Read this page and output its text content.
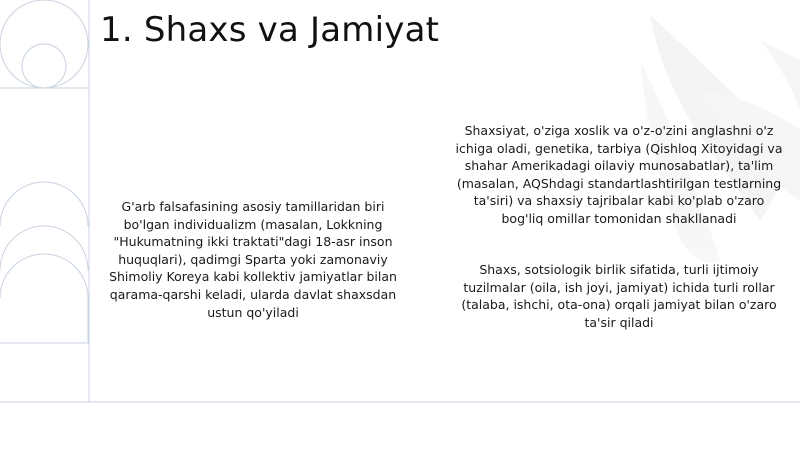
1. Shaxs va Jamiyat

G'arb falsafasining asosiy tamillaridan biri bo'lgan individualizm (masalan, Lokkning "Hukumatning ikki traktati"dagi 18-asr inson huquqlari), qadimgi Sparta yoki zamonaviy Shimoliy Koreya kabi kollektiv jamiyatlar bilan qarama-qarshi keladi, ularda davlat shaxsdan ustun qo'yiladi

Shaxsiyat, o'ziga xoslik va o'z-o'zini anglashni o'z ichiga oladi, genetika, tarbiya (Qishloq Xitoyidagi va shahar Amerikadagi oilaviy munosabatlar), ta'lim (masalan, AQShdagi standartlashtirilgan testlarning ta'siri) va shaxsiy tajribalar kabi ko'plab o'zaro bog'liq omillar tomonidan shakllanadi

Shaxs, sotsiologik birlik sifatida, turli ijtimoiy tuzilmalar (oila, ish joyi, jamiyat) ichida turli rollar (talaba, ishchi, ota-ona) orqali jamiyat bilan o'zaro ta'sir qiladi
